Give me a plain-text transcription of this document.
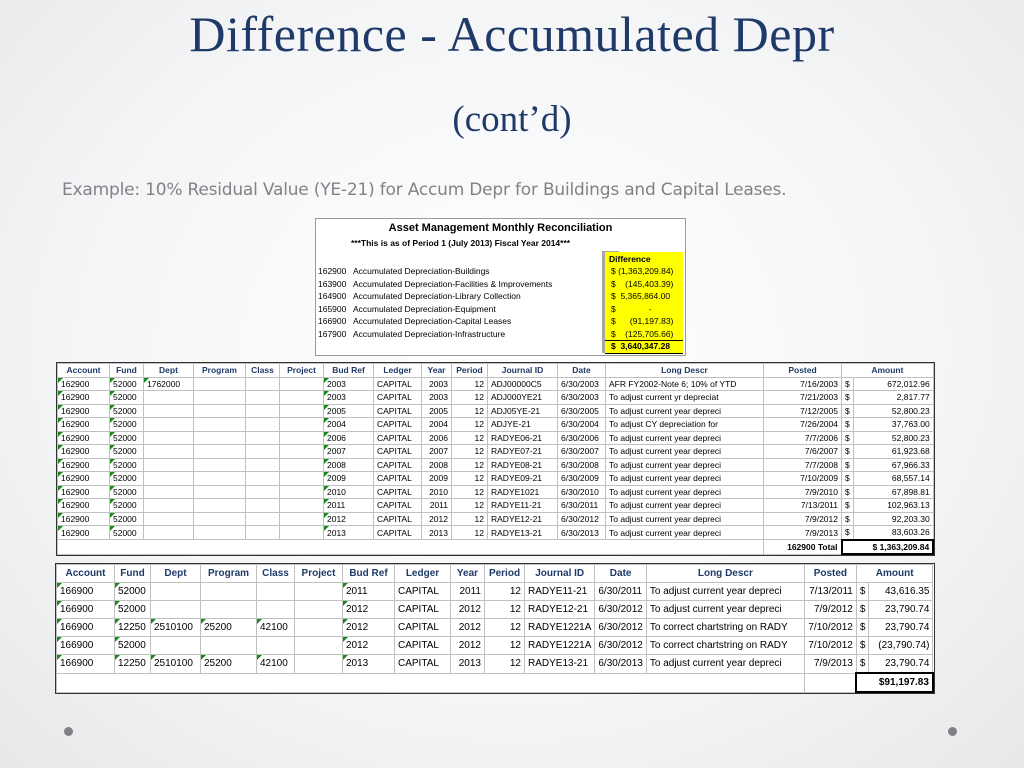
Difference - Accumulated Depr
(cont’d)
Example: 10% Residual Value (YE-21) for Accum Depr for Buildings and Capital Leases.
Asset Management Monthly Reconciliation
***This is as of Period 1 (July 2013) Fiscal Year 2014***
Difference
162900 Accumulated Depreciation-Buildings	$ (1,363,209.84)
163900 Accumulated Depreciation-Facilities & Improvements	$    (145,403.39)
164900 Accumulated Depreciation-Library Collection	$  5,365,864.00
165900 Accumulated Depreciation-Equipment	$              -
166900 Accumulated Depreciation-Capital Leases	$      (91,197.83)
167900 Accumulated Depreciation-Infrastructure	$    (125,705.66)
$  3,640,347.28
Account	Fund	Dept	Program	Class	Project	Bud Ref	Ledger	Year	Period	Journal ID	Date	Long Descr	Posted	Amount	
162900	52000	1762000				2003	CAPITAL	2003	12	ADJ00000C5	6/30/2003	AFR FY2002-Note 6; 10% of YTD	7/16/2003	$	672,012.96
162900	52000					2003	CAPITAL	2003	12	ADJ000YE21	6/30/2003	To adjust current yr depreciat	7/21/2003	$	2,817.77
162900	52000					2005	CAPITAL	2005	12	ADJ05YE-21	6/30/2005	To adjust current year depreci	7/12/2005	$	52,800.23
162900	52000					2004	CAPITAL	2004	12	ADJYE-21	6/30/2004	To adjust CY depreciation for	7/26/2004	$	37,763.00
162900	52000					2006	CAPITAL	2006	12	RADYE06-21	6/30/2006	To adjust current year depreci	7/7/2006	$	52,800.23
162900	52000					2007	CAPITAL	2007	12	RADYE07-21	6/30/2007	To adjust current year depreci	7/6/2007	$	61,923.68
162900	52000					2008	CAPITAL	2008	12	RADYE08-21	6/30/2008	To adjust current year depreci	7/7/2008	$	67,966.33
162900	52000					2009	CAPITAL	2009	12	RADYE09-21	6/30/2009	To adjust current year depreci	7/10/2009	$	68,557.14
162900	52000					2010	CAPITAL	2010	12	RADYE1021	6/30/2010	To adjust current year depreci	7/9/2010	$	67,898.81
162900	52000					2011	CAPITAL	2011	12	RADYE11-21	6/30/2011	To adjust current year depreci	7/13/2011	$	102,963.13
162900	52000					2012	CAPITAL	2012	12	RADYE12-21	6/30/2012	To adjust current year depreci	7/9/2012	$	92,203.30
162900	52000					2013	CAPITAL	2013	12	RADYE13-21	6/30/2013	To adjust current year depreci	7/9/2013	$	83,603.26
													162900 Total	$ 1,363,209.84	
Account	Fund	Dept	Program	Class	Project	Bud Ref	Ledger	Year	Period	Journal ID	Date	Long Descr	Posted	Amount	
166900	52000					2011	CAPITAL	2011	12	RADYE11-21	6/30/2011	To adjust current year depreci	7/13/2011	$	43,616.35
166900	52000					2012	CAPITAL	2012	12	RADYE12-21	6/30/2012	To adjust current year depreci	7/9/2012	$	23,790.74
166900	12250	2510100	25200	42100		2012	CAPITAL	2012	12	RADYE1221A	6/30/2012	To correct chartstring on RADY	7/10/2012	$	23,790.74
166900	52000					2012	CAPITAL	2012	12	RADYE1221A	6/30/2012	To correct chartstring on RADY	7/10/2012	$	(23,790.74)
166900	12250	2510100	25200	42100		2013	CAPITAL	2013	12	RADYE13-21	6/30/2013	To adjust current year depreci	7/9/2013	$	23,790.74
														$91,197.83	
